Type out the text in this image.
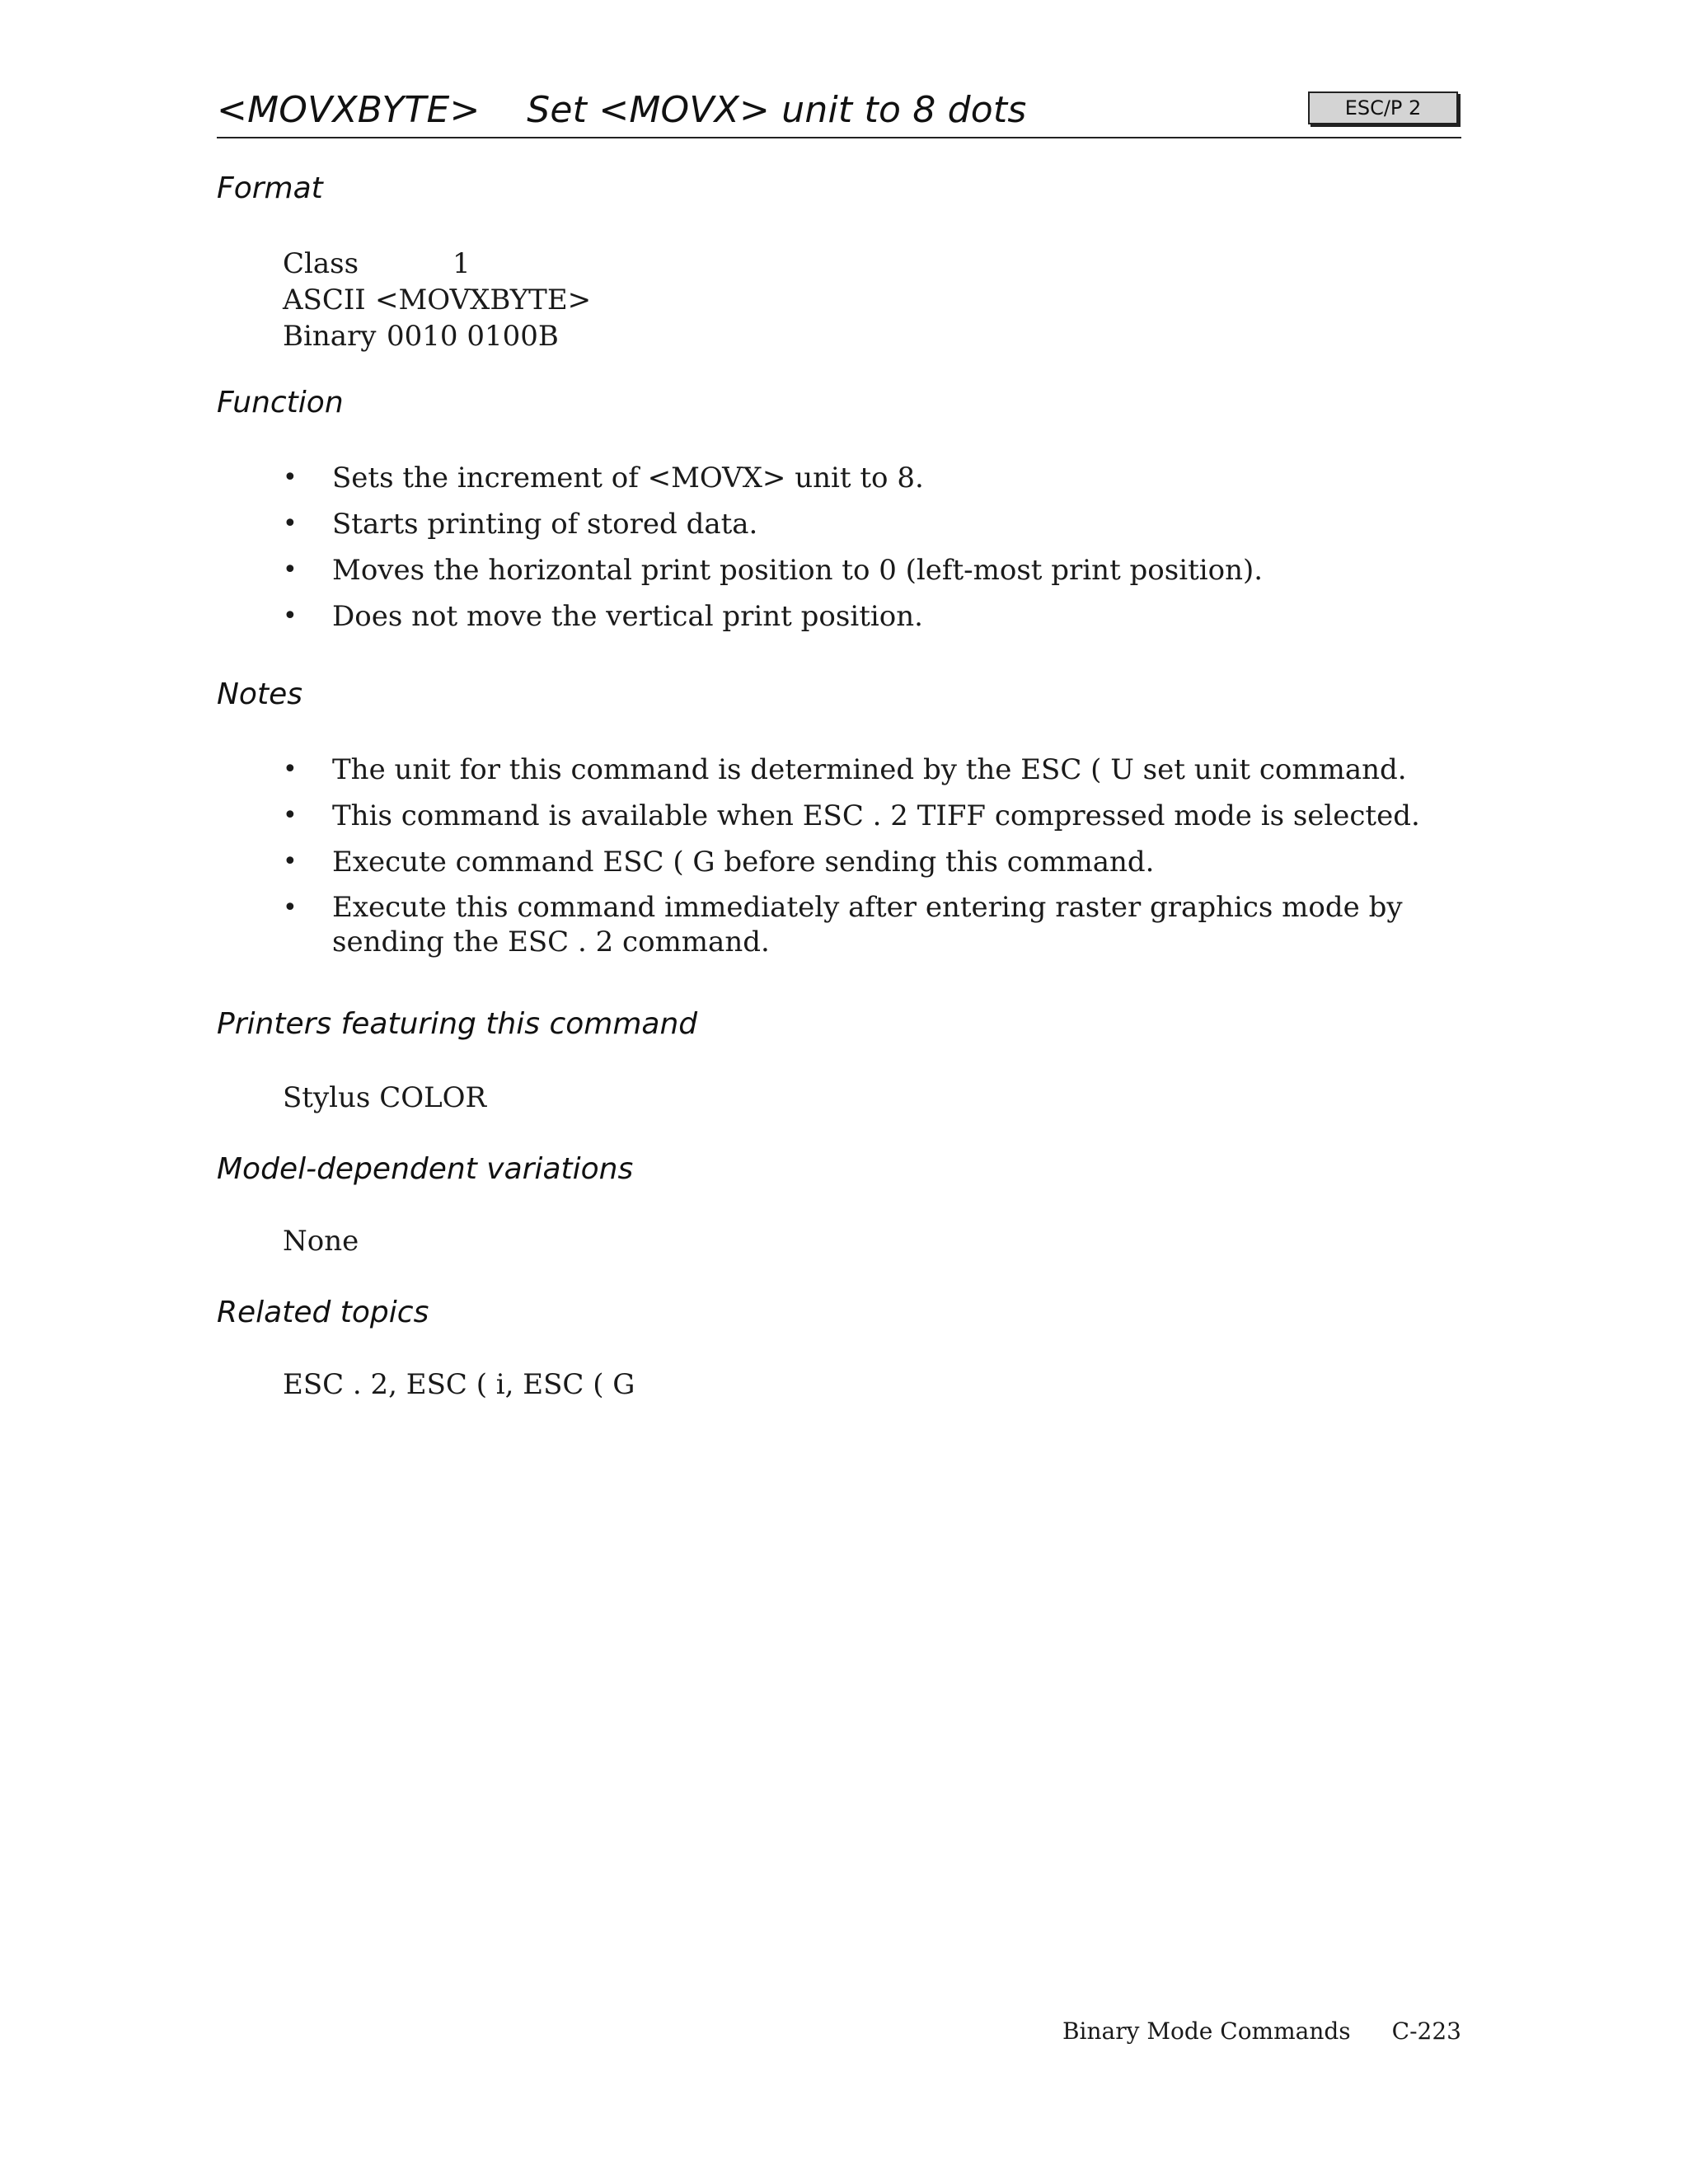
<MOVXBYTE>    Set <MOVX> unit to 8 dots	ESC/P 2
Format
Class	1
ASCII <MOVXBYTE>
Binary 0010 0100B
Function
• Sets the increment of <MOVX> unit to 8.
• Starts printing of stored data.
• Moves the horizontal print position to 0 (left-most print position).
• Does not move the vertical print position.
Notes
• The unit for this command is determined by the ESC ( U set unit command.
• This command is available when ESC . 2 TIFF compressed mode is selected.
• Execute command ESC ( G before sending this command.
• Execute this command immediately after entering raster graphics mode by sending the ESC . 2 command.
Printers featuring this command
Stylus COLOR
Model-dependent variations
None
Related topics
ESC . 2, ESC ( i, ESC ( G
Binary Mode Commands C-223
